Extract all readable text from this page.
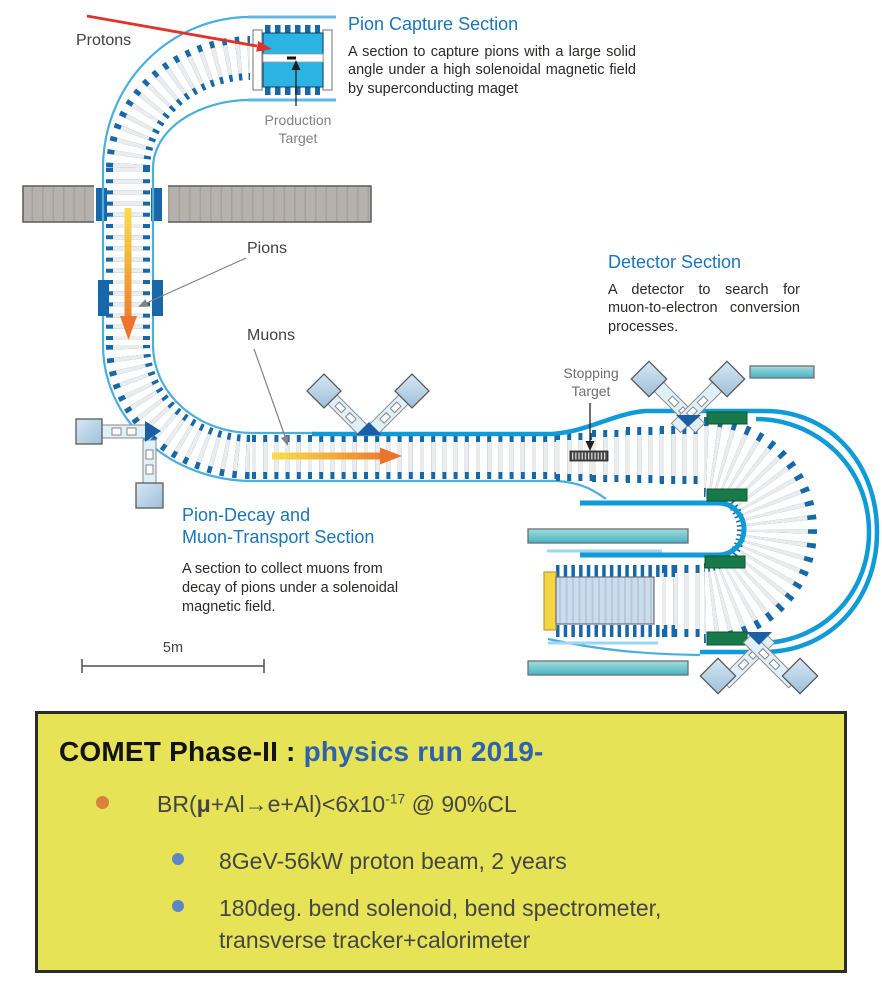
Protons
Pion Capture Section
A section to capture pions with a large solid angle under a high solenoidal magnetic field by superconducting maget
Production Target
Pions
Muons
Detector Section
A detector to search for muon-to-electron conversion processes.
Stopping Target
Pion-Decay and
Muon-Transport Section
A section to collect muons from decay of pions under a solenoidal magnetic field.
5m
COMET Phase-II : physics run 2019-
$BR(\mu+Al\to e+Al)<6x10^{-17}$ @ 90%CL
8GeV-56kW proton beam, 2 years
180deg. bend solenoid, bend spectrometer,
transverse tracker+calorimeter
